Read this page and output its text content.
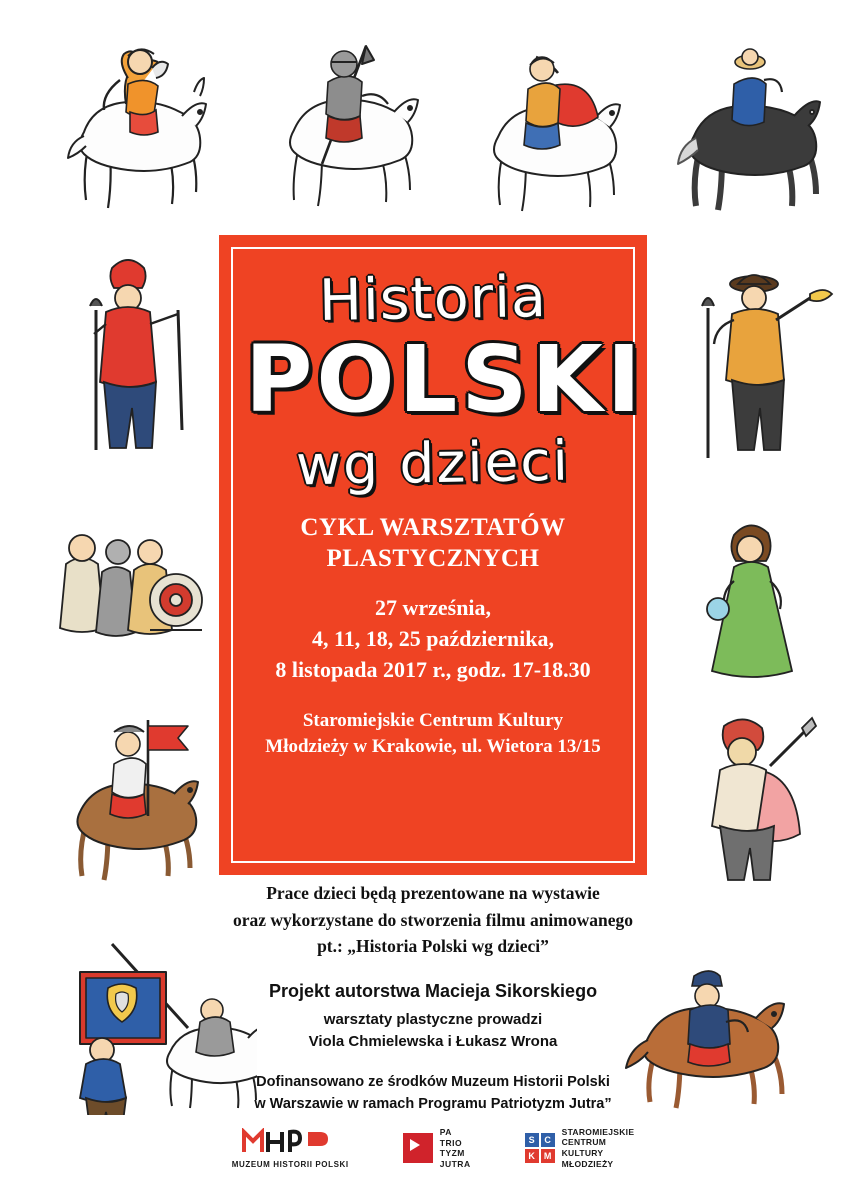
Historia
POLSKI
wg dzieci
CYKL WARSZTATÓW
PLASTYCZNYCH
27 września,
4, 11, 18, 25 października,
8 listopada 2017 r., godz. 17-18.30
Staromiejskie Centrum Kultury
Młodzieży w Krakowie, ul. Wietora 13/15
Prace dzieci będą prezentowane na wystawie
oraz wykorzystane do stworzenia filmu animowanego
pt.: „Historia Polski wg dzieci”
Projekt autorstwa Macieja Sikorskiego
warsztaty plastyczne prowadzi
Viola Chmielewska i Łukasz Wrona
Dofinansowano ze środków Muzeum Historii Polski
w Warszawie w ramach Programu Patriotyzm Jutra”
MUZEUM HISTORII POLSKI
PA
TRIO
TYZM
JUTRA
S	C
K	M
STAROMIEJSKIE
CENTRUM
KULTURY
MŁODZIEŻY
